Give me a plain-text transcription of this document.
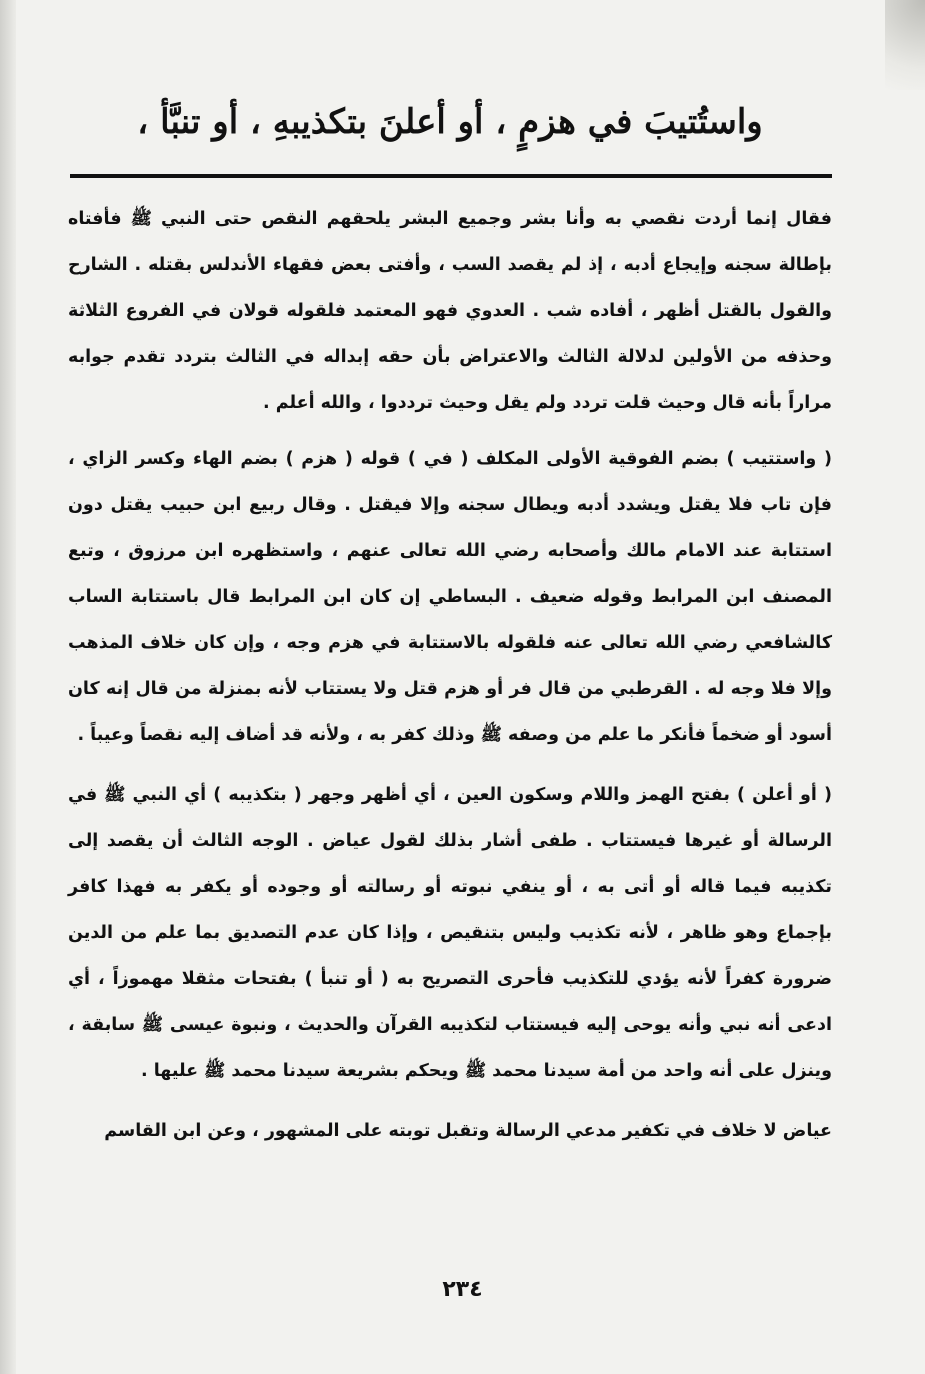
واستُتيبَ في هزمٍ ، أو أعلنَ بتكذيبهِ ، أو تنبَّأ ،

فقال إنما أردت نقصي به وأنا بشر وجميع البشر يلحقهم النقص حتى النبي ﷺ فأفتاه بإطالة سجنه وإيجاع أدبه ، إذ لم يقصد السب ، وأفتى بعض فقهاء الأندلس بقتله . الشارح والقول بالقتل أظهر ، أفاده شب . العدوي فهو المعتمد فلقوله قولان في الفروع الثلاثة وحذفه من الأولين لدلالة الثالث والاعتراض بأن حقه إبداله في الثالث بتردد تقدم جوابه مراراً بأنه قال وحيث قلت تردد ولم يقل وحيث ترددوا ، والله أعلم .

( واستتيب ) بضم الفوقية الأولى المكلف ( في ) قوله ( هزم ) بضم الهاء وكسر الزاي ، فإن تاب فلا يقتل ويشدد أدبه ويطال سجنه وإلا فيقتل . وقال ربيع ابن حبيب يقتل دون استتابة عند الامام مالك وأصحابه رضي الله تعالى عنهم ، واستظهره ابن مرزوق ، وتبع المصنف ابن المرابط وقوله ضعيف . البساطي إن كان ابن المرابط قال باستتابة الساب كالشافعي رضي الله تعالى عنه فلقوله بالاستتابة في هزم وجه ، وإن كان خلاف المذهب وإلا فلا وجه له . القرطبي من قال فر أو هزم قتل ولا يستتاب لأنه بمنزلة من قال إنه كان أسود أو ضخماً فأنكر ما علم من وصفه ﷺ وذلك كفر به ، ولأنه قد أضاف إليه نقصاً وعيباً .

( أو أعلن ) بفتح الهمز واللام وسكون العين ، أي أظهر وجهر ( بتكذيبه ) أي النبي ﷺ في الرسالة أو غيرها فيستتاب . طفى أشار بذلك لقول عياض . الوجه الثالث أن يقصد إلى تكذيبه فيما قاله أو أتى به ، أو ينفي نبوته أو رسالته أو وجوده أو يكفر به فهذا كافر بإجماع وهو ظاهر ، لأنه تكذيب وليس بتنقيص ، وإذا كان عدم التصديق بما علم من الدين ضرورة كفراً لأنه يؤدي للتكذيب فأحرى التصريح به ( أو تنبأ ) بفتحات مثقلا مهموزاً ، أي ادعى أنه نبي وأنه يوحى إليه فيستتاب لتكذيبه القرآن والحديث ، ونبوة عيسى ﷺ سابقة ، وينزل على أنه واحد من أمة سيدنا محمد ﷺ ويحكم بشريعة سيدنا محمد ﷺ عليها .

عياض لا خلاف في تكفير مدعي الرسالة وتقبل توبته على المشهور ، وعن ابن القاسم

٢٣٤
